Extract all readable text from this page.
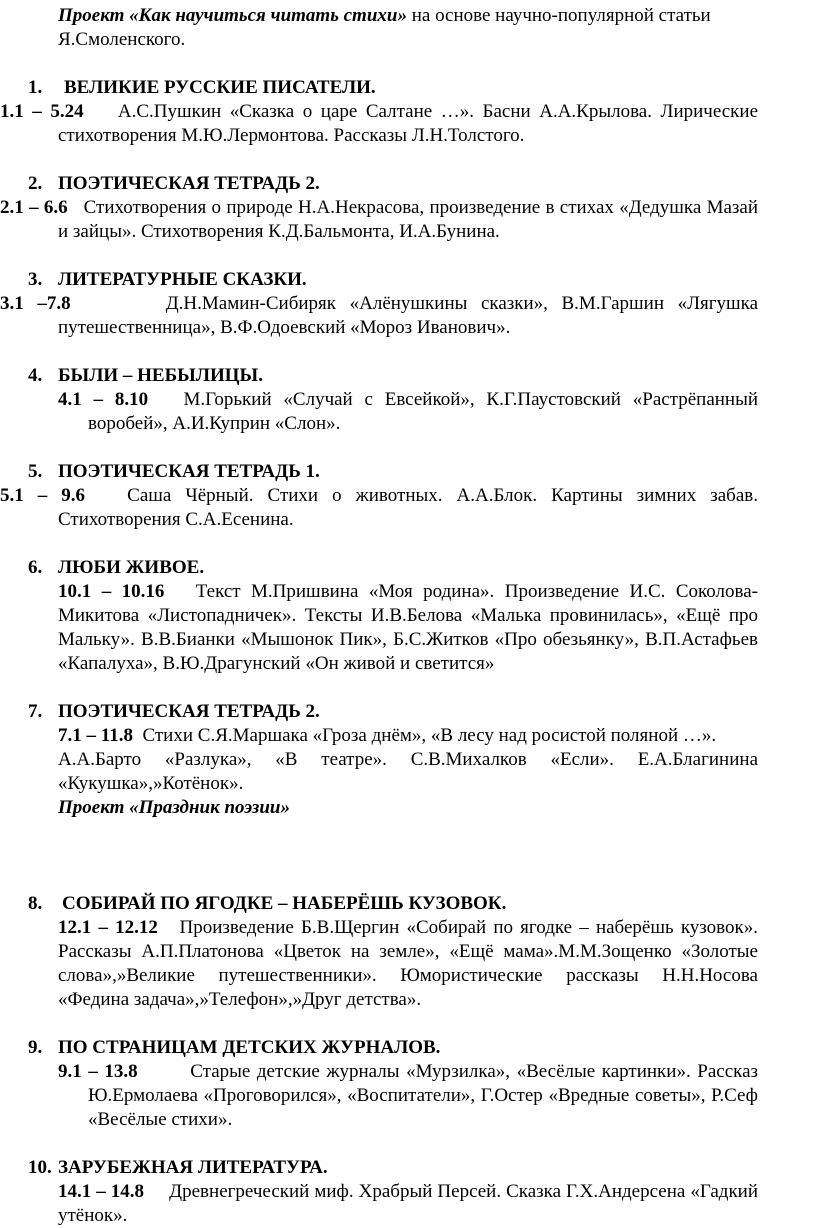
Проект «Как научиться читать стихи» на основе научно-популярной статьи
Я.Смоленского.
1. ВЕЛИКИЕ РУССКИЕ ПИСАТЕЛИ.
1.1 – 5.24 А.С.Пушкин «Сказка о царе Салтане …». Басни А.А.Крылова. Лирические стихотворения М.Ю.Лермонтова. Рассказы Л.Н.Толстого.
2. ПОЭТИЧЕСКАЯ ТЕТРАДЬ 2.
2.1 – 6.6 Стихотворения о природе Н.А.Некрасова, произведение в стихах «Дедушка Мазай и зайцы». Стихотворения К.Д.Бальмонта, И.А.Бунина.
3. ЛИТЕРАТУРНЫЕ СКАЗКИ.
3.1 –7.8	Д.Н.Мамин-Сибиряк «Алёнушкины сказки», В.М.Гаршин «Лягушка путешественница», В.Ф.Одоевский «Мороз Иванович».
4. БЫЛИ – НЕБЫЛИЦЫ.
4.1 – 8.10 М.Горький «Случай с Евсейкой», К.Г.Паустовский «Растрёпанный воробей», А.И.Куприн «Слон».
5. ПОЭТИЧЕСКАЯ ТЕТРАДЬ 1.
5.1 – 9.6 Саша Чёрный. Стихи о животных. А.А.Блок. Картины зимних забав. Стихотворения С.А.Есенина.
6. ЛЮБИ ЖИВОЕ.
10.1 – 10.16 Текст М.Пришвина «Моя родина». Произведение И.С. Соколова-Микитова «Листопадничек». Тексты И.В.Белова «Малька провинилась», «Ещё про Мальку». В.В.Бианки «Мышонок Пик», Б.С.Житков «Про обезьянку», В.П.Астафьев «Капалуха», В.Ю.Драгунский «Он живой и светится»
7. ПОЭТИЧЕСКАЯ ТЕТРАДЬ 2.
7.1 – 11.8 Стихи С.Я.Маршака «Гроза днём», «В лесу над росистой поляной …».
А.А.Барто «Разлука», «В театре». С.В.Михалков «Если». Е.А.Благинина «Кукушка»,»Котёнок».
Проект «Праздник поэзии»
8. СОБИРАЙ ПО ЯГОДКЕ – НАБЕРЁШЬ КУЗОВОК.
12.1 – 12.12 Произведение Б.В.Щергин «Собирай по ягодке – наберёшь кузовок». Рассказы А.П.Платонова «Цветок на земле», «Ещё мама».М.М.Зощенко «Золотые слова»,»Великие путешественники». Юмористические рассказы Н.Н.Носова «Федина задача»,»Телефон»,»Друг детства».
9. ПО СТРАНИЦАМ ДЕТСКИХ ЖУРНАЛОВ.
9.1 – 13.8	Старые детские журналы «Мурзилка», «Весёлые картинки». Рассказ Ю.Ермолаева «Проговорился», «Воспитатели», Г.Остер «Вредные советы», Р.Сеф «Весёлые стихи».
10. ЗАРУБЕЖНАЯ ЛИТЕРАТУРА.
14.1 – 14.8 Древнегреческий миф. Храбрый Персей. Сказка Г.Х.Андерсена «Гадкий утёнок».
